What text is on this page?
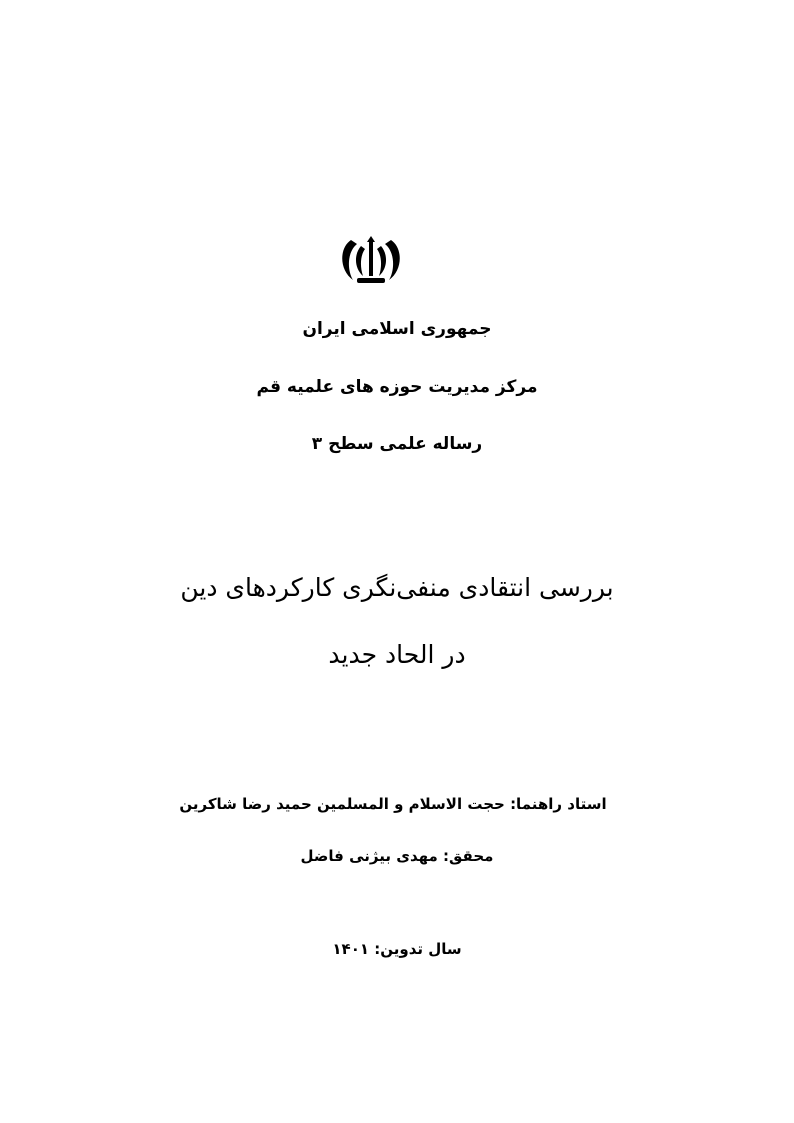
جمهوری اسلامی ایران
مرکز مدیریت حوزه های علمیه قم
رساله علمی سطح ۳
بررسی انتقادی منفی‌نگری کارکردهای دین
در الحاد جدید
استاد راهنما: حجت الاسلام و المسلمین حمید رضا شاکرین
محقق: مهدی بیژنی فاضل
سال تدوین: ۱۴۰۱
